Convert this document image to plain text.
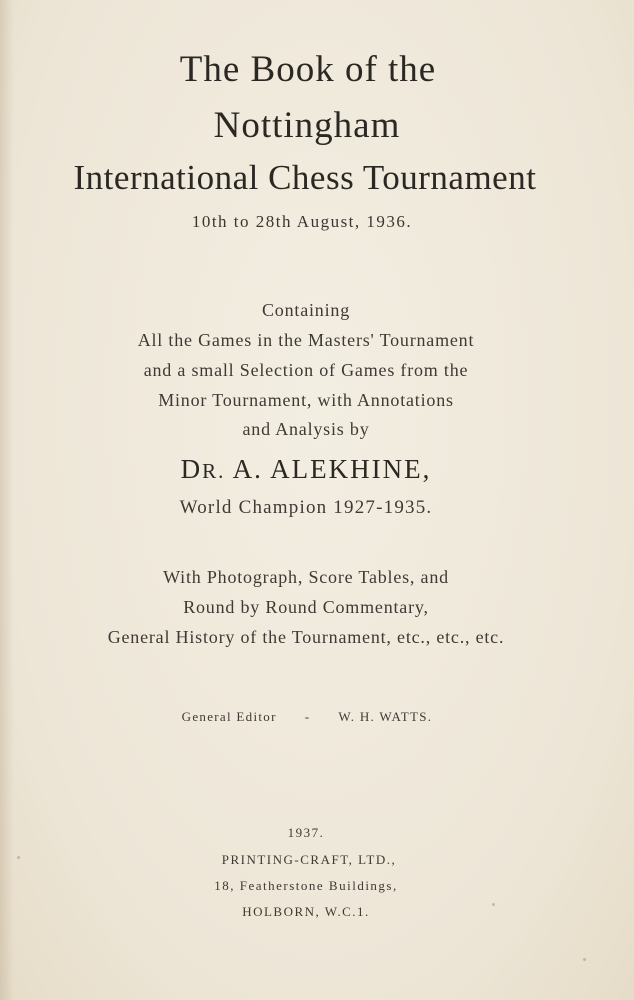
The Book of the
Nottingham
International Chess Tournament
10th to 28th August, 1936.
Containing
All the Games in the Masters' Tournament
and a small Selection of Games from the
Minor Tournament, with Annotations
and Analysis by
DR. A. ALEKHINE,
World Champion 1927-1935.
With Photograph, Score Tables, and
Round by Round Commentary,
General History of the Tournament, etc., etc., etc.
General Editor - W. H. WATTS.
1937.
PRINTING-CRAFT, LTD.,
18, Featherstone Buildings,
HOLBORN, W.C.1.
